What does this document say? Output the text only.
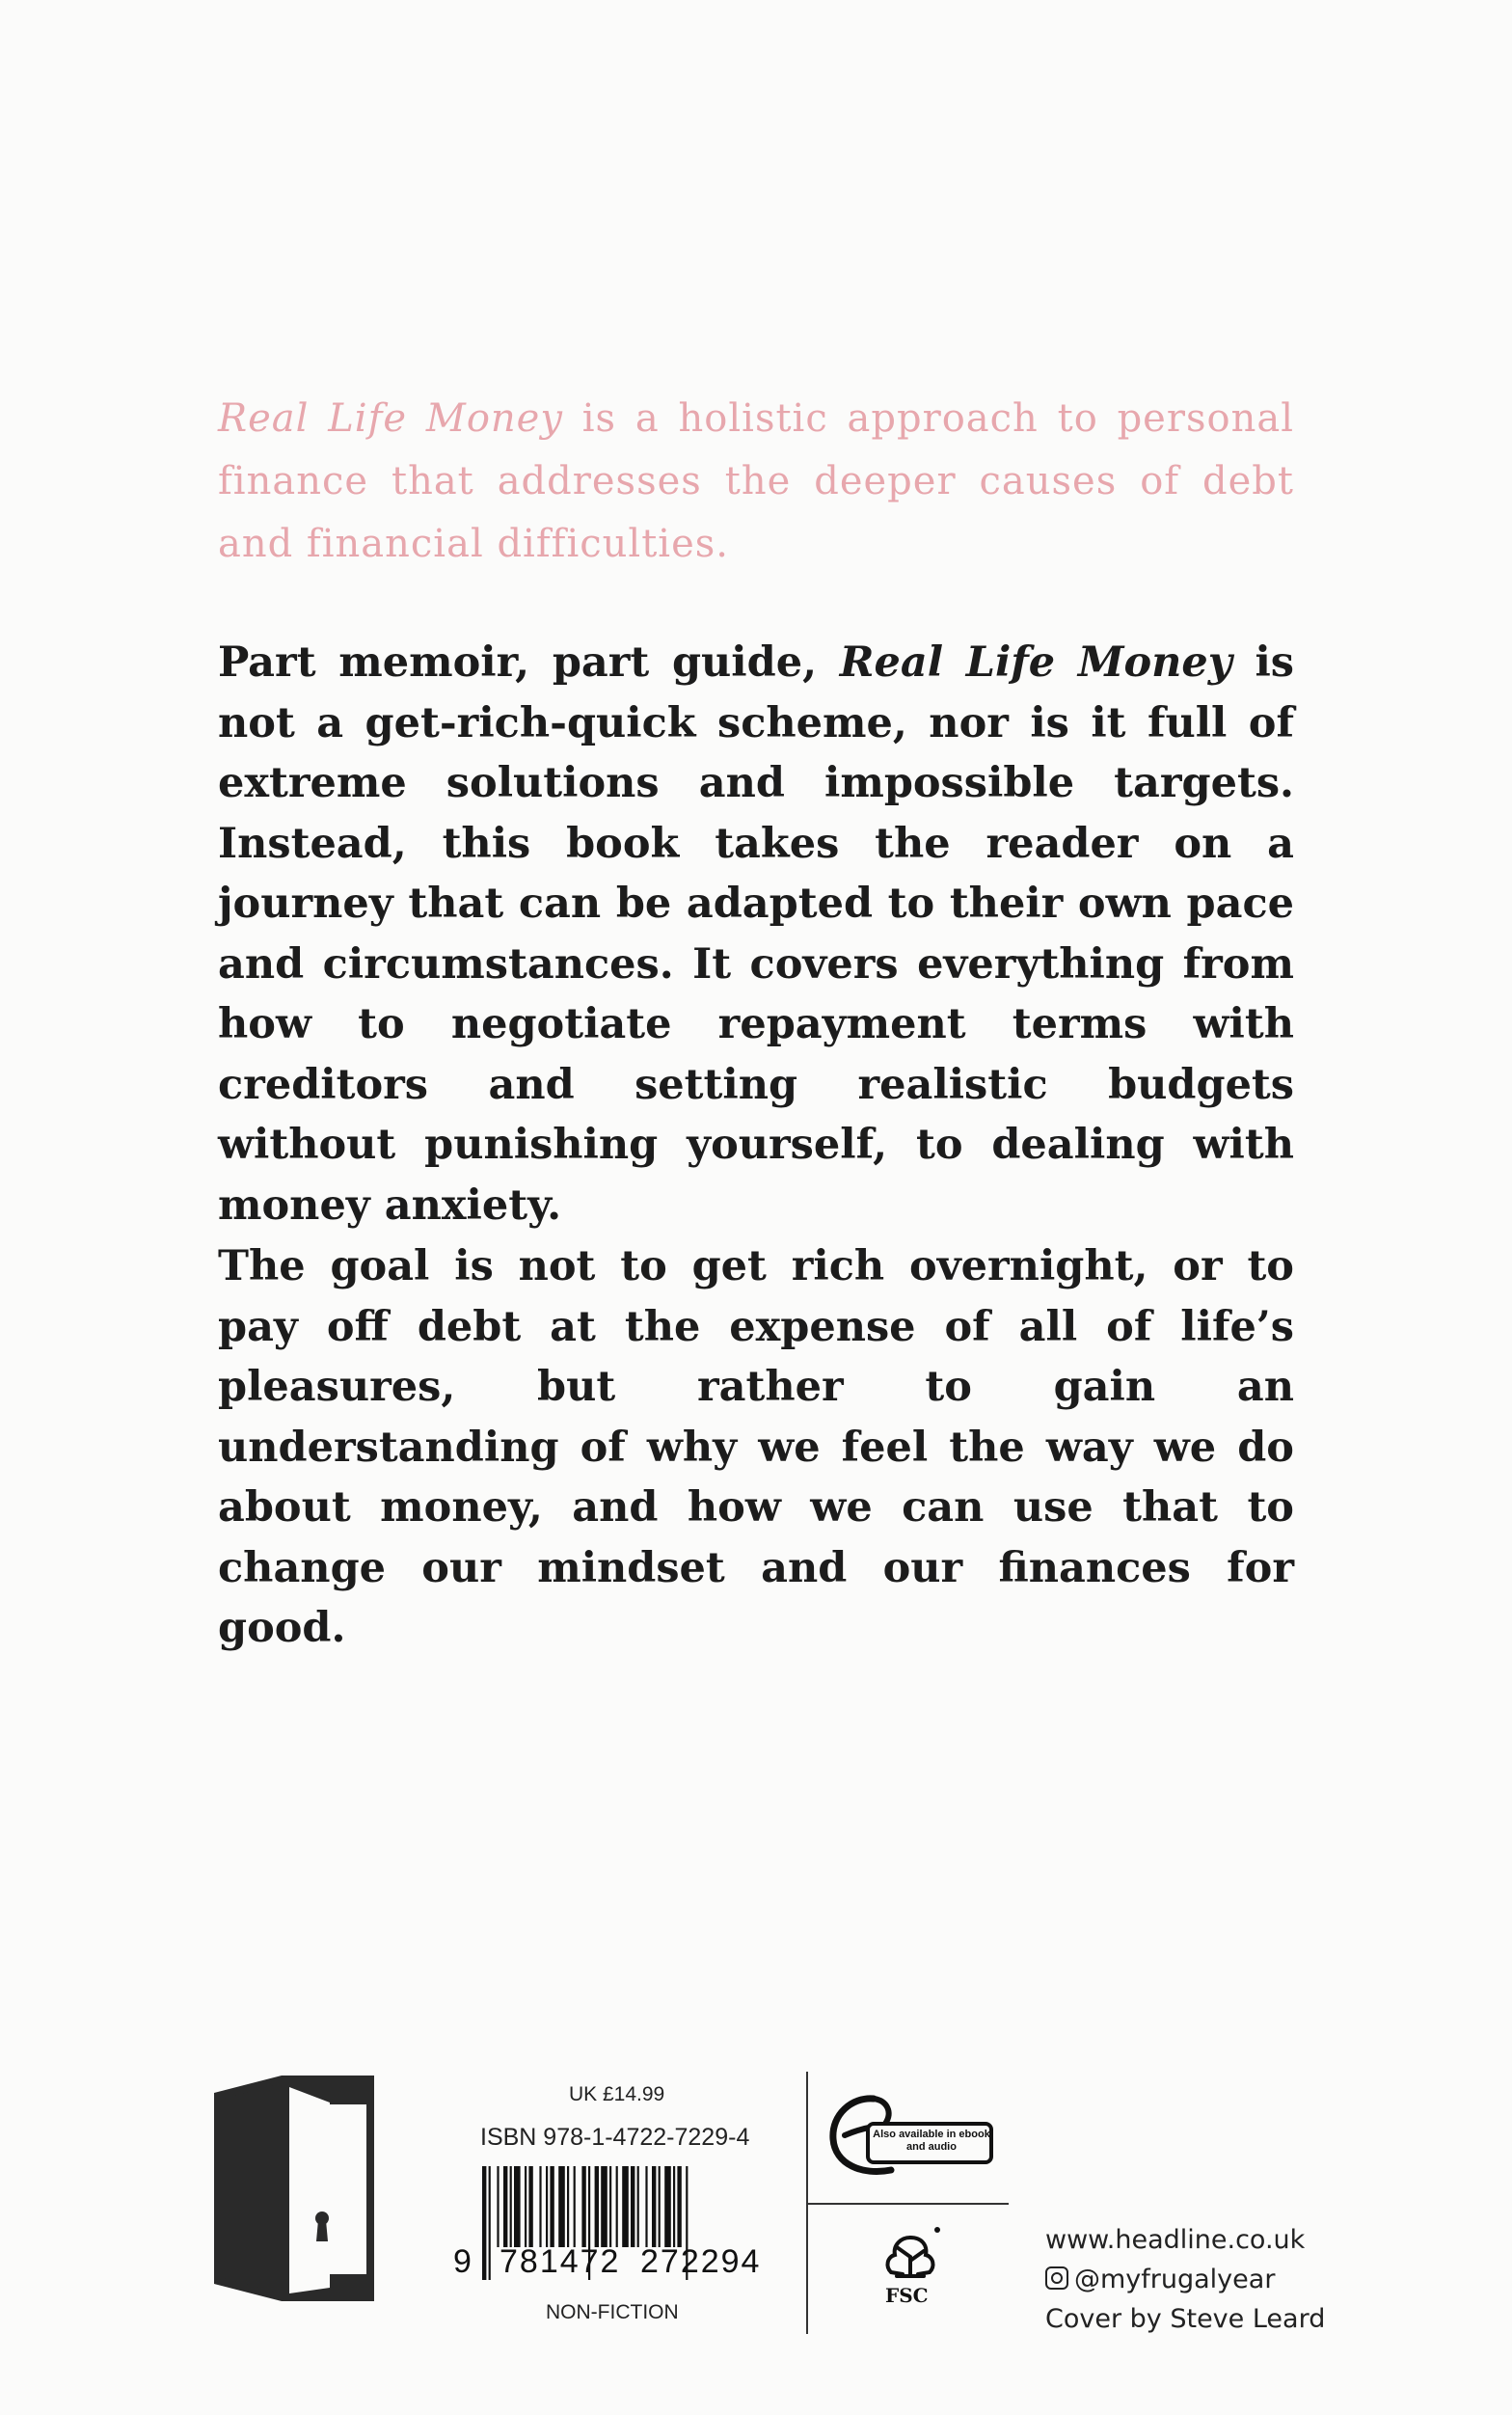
Real Life Money is a holistic approach to personal finance that addresses the deeper causes of debt and financial difficulties.

Part memoir, part guide, Real Life Money is not a get-rich-quick scheme, nor is it full of extreme solutions and impossible targets. Instead, this book takes the reader on a journey that can be adapted to their own pace and circumstances. It covers everything from how to negotiate repayment terms with creditors and setting realistic budgets without punishing yourself, to dealing with money anxiety.

The goal is not to get rich overnight, or to pay off debt at the expense of all of life’s pleasures, but rather to gain an understanding of why we feel the way we do about money, and how we can use that to change our mindset and our finances for good.

UK £14.99
ISBN 978-1-4722-7229-4
9 781472 272294
NON-FICTION
Also available in ebook and audio
FSC
www.headline.co.uk
@myfrugalyear
Cover by Steve Leard
